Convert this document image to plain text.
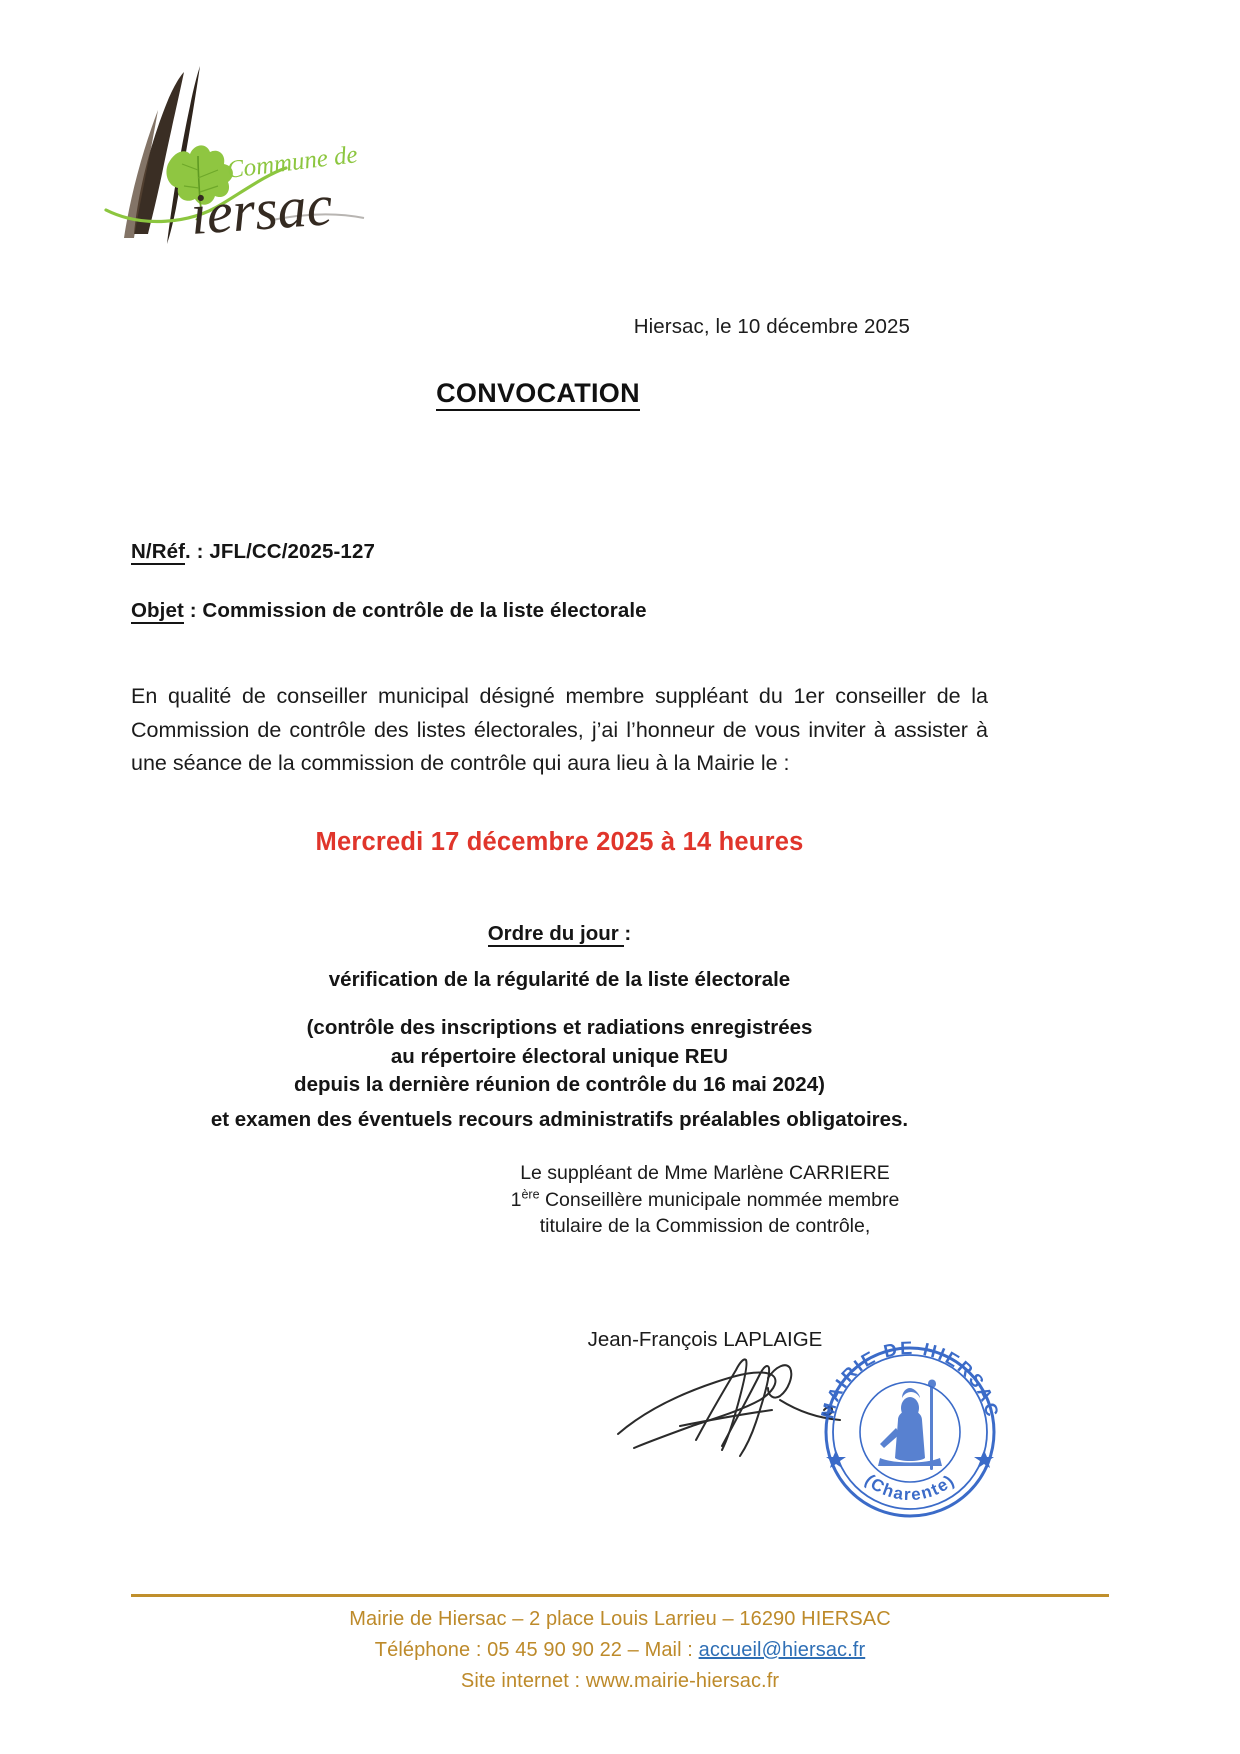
Commune de
iersac
Hiersac, le 10 décembre 2025
CONVOCATION
N/Réf. : JFL/CC/2025-127
Objet : Commission de contrôle de la liste électorale
En qualité de conseiller municipal désigné membre suppléant du 1er conseiller de la Commission de contrôle des listes électorales, j’ai l’honneur de vous inviter à assister à une séance de la commission de contrôle qui aura lieu à la Mairie le :
Mercredi 17 décembre 2025 à 14 heures
Ordre du jour :
vérification de la régularité de la liste électorale
(contrôle des inscriptions et radiations enregistrées
au répertoire électoral unique REU
depuis la dernière réunion de contrôle du 16 mai 2024)
et examen des éventuels recours administratifs préalables obligatoires.
Le suppléant de Mme Marlène CARRIERE
1ère Conseillère municipale nommée membre
titulaire de la Commission de contrôle,
Jean-François LAPLAIGE
MAIRIE DE HIERSAC
(Charente)
Mairie de Hiersac – 2 place Louis Larrieu – 16290 HIERSAC
Téléphone : 05 45 90 90 22 – Mail : accueil@hiersac.fr
Site internet : www.mairie-hiersac.fr
